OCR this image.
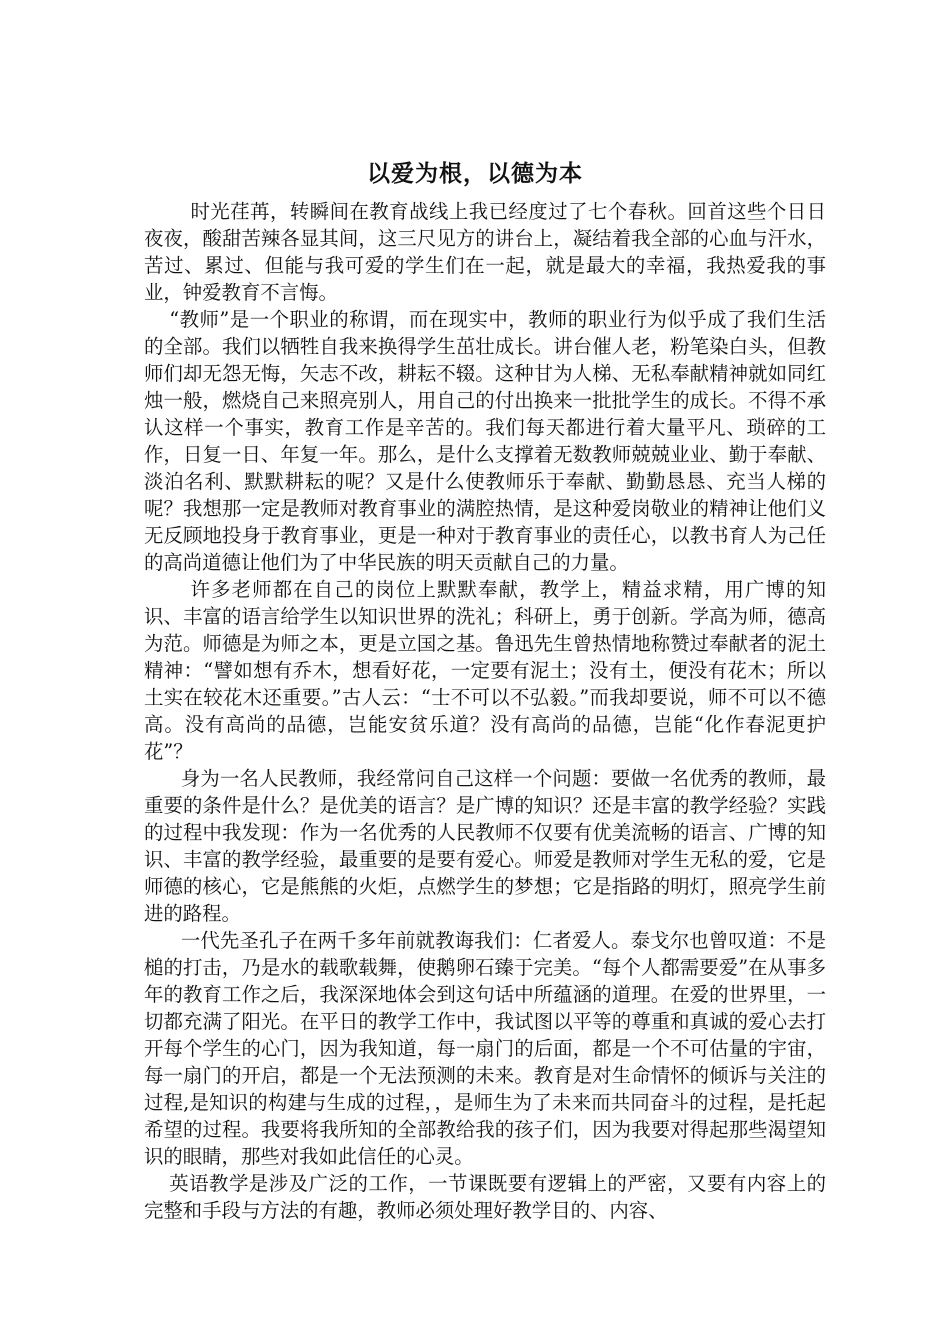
以爱为根，以德为本

时光荏苒，转瞬间在教育战线上我已经度过了七个春秋。回首这些个日日夜夜，酸甜苦辣各显其间，这三尺见方的讲台上，凝结着我全部的心血与汗水，苦过、累过、但能与我可爱的学生们在一起，就是最大的幸福，我热爱我的事业，钟爱教育不言悔。

“教师”是一个职业的称谓，而在现实中，教师的职业行为似乎成了我们生活的全部。我们以牺牲自我来换得学生茁壮成长。讲台催人老，粉笔染白头，但教师们却无怨无悔，矢志不改，耕耘不辍。这种甘为人梯、无私奉献精神就如同红烛一般，燃烧自己来照亮别人，用自己的付出换来一批批学生的成长。不得不承认这样一个事实，教育工作是辛苦的。我们每天都进行着大量平凡、琐碎的工作，日复一日、年复一年。那么，是什么支撑着无数教师兢兢业业、勤于奉献、淡泊名利、默默耕耘的呢？又是什么使教师乐于奉献、勤勤恳恳、充当人梯的呢？我想那一定是教师对教育事业的满腔热情，是这种爱岗敬业的精神让他们义无反顾地投身于教育事业，更是一种对于教育事业的责任心，以教书育人为己任的高尚道德让他们为了中华民族的明天贡献自己的力量。

许多老师都在自己的岗位上默默奉献，教学上，精益求精，用广博的知识、丰富的语言给学生以知识世界的洗礼；科研上，勇于创新。学高为师，德高为范。师德是为师之本，更是立国之基。鲁迅先生曾热情地称赞过奉献者的泥土精神：“譬如想有乔木，想看好花，一定要有泥土；没有土，便没有花木；所以土实在较花木还重要。”古人云：“士不可以不弘毅。”而我却要说，师不可以不德高。没有高尚的品德，岂能安贫乐道？没有高尚的品德，岂能“化作春泥更护花”？

身为一名人民教师，我经常问自己这样一个问题：要做一名优秀的教师，最重要的条件是什么？是优美的语言？是广博的知识？还是丰富的教学经验？实践的过程中我发现：作为一名优秀的人民教师不仅要有优美流畅的语言、广博的知识、丰富的教学经验，最重要的是要有爱心。师爱是教师对学生无私的爱，它是师德的核心，它是熊熊的火炬，点燃学生的梦想；它是指路的明灯，照亮学生前进的路程。

一代先圣孔子在两千多年前就教诲我们：仁者爱人。泰戈尔也曾叹道：不是槌的打击，乃是水的载歌载舞，使鹅卵石臻于完美。“每个人都需要爱”在从事多年的教育工作之后，我深深地体会到这句话中所蕴涵的道理。在爱的世界里，一切都充满了阳光。在平日的教学工作中，我试图以平等的尊重和真诚的爱心去打开每个学生的心门，因为我知道，每一扇门的后面，都是一个不可估量的宇宙，每一扇门的开启，都是一个无法预测的未来。教育是对生命情怀的倾诉与关注的过程,是知识的构建与生成的过程，，是师生为了未来而共同奋斗的过程，是托起希望的过程。我要将我所知的全部教给我的孩子们，因为我要对得起那些渴望知识的眼睛，那些对我如此信任的心灵。

英语教学是涉及广泛的工作，一节课既要有逻辑上的严密，又要有内容上的完整和手段与方法的有趣，教师必须处理好教学目的、内容、
